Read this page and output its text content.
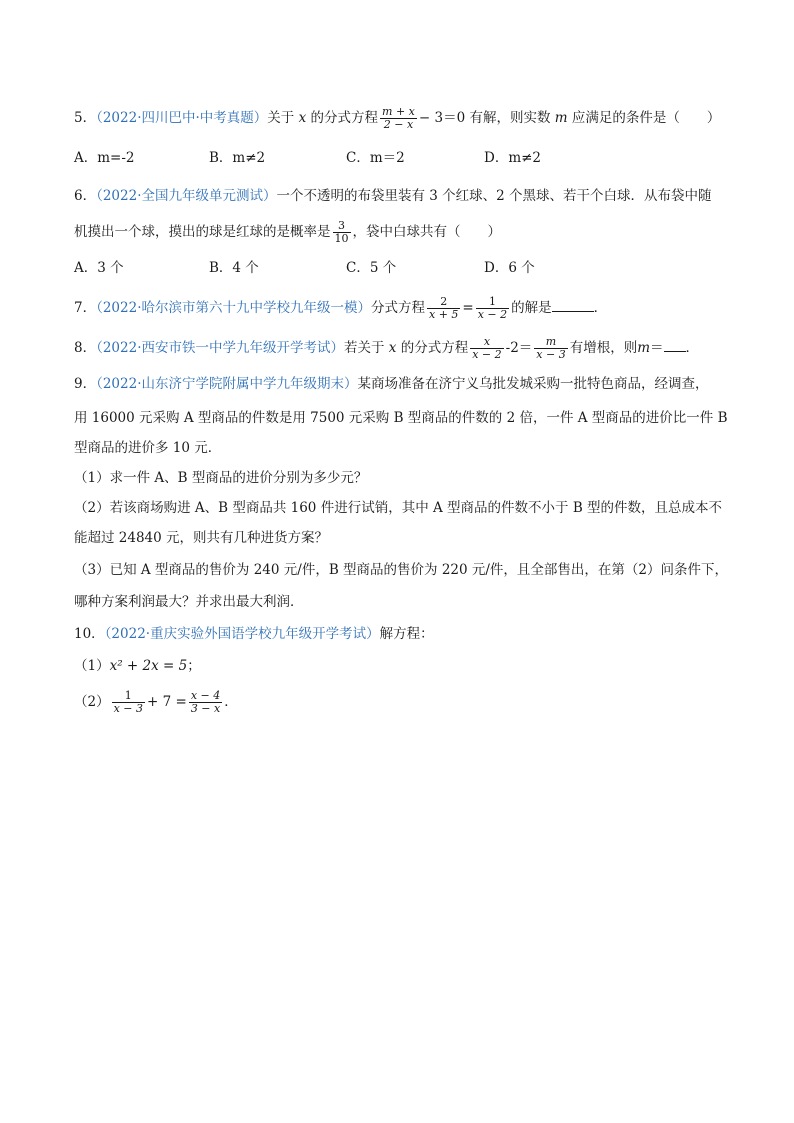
5．（2022·四川巴中·中考真题）关于 x 的分式方程 $\frac{m + x}{2 - x} - 3=0$ 有解，则实数 m 应满足的条件是（　　）
A．m=-2	B．m≠2	C．m＝2	D．m≠2
6．（2022·全国九年级单元测试）一个不透明的布袋里装有 3 个红球、2 个黑球、若干个白球．从布袋中随
机摸出一个球，摸出的球是红球的是概率是 $\frac{3}{10}$ ，袋中白球共有（　　）
A．3 个	B．4 个	C．5 个	D．6 个
7．（2022·哈尔滨市第六十九中学校九年级一模）分式方程 $\frac{2}{x + 5} = \frac{1}{x - 2}$ 的解是	．
8．（2022·西安市铁一中学九年级开学考试）若关于 x 的分式方程 $\frac{x}{x - 2} -2= \frac{m}{x - 3}$ 有增根，则m＝ ．
9．（2022·山东济宁学院附属中学九年级期末）某商场准备在济宁义乌批发城采购一批特色商品，经调查，
用 16000 元采购 A 型商品的件数是用 7500 元采购 B 型商品的件数的 2 倍，一件 A 型商品的进价比一件 B
型商品的进价多 10 元．
（1）求一件 A、B 型商品的进价分别为多少元？
（2）若该商场购进 A、B 型商品共 160 件进行试销，其中 A 型商品的件数不小于 B 型的件数，且总成本不
能超过 24840 元，则共有几种进货方案？
（3）已知 A 型商品的售价为 240 元/件，B 型商品的售价为 220 元/件，且全部售出，在第（2）问条件下，
哪种方案利润最大？并求出最大利润．
10．（2022·重庆实验外国语学校九年级开学考试）解方程：
（1）x² + 2x = 5；
$(2) \frac{1}{x - 3} + 7 = \frac{x - 4}{3 - x}$ ．
